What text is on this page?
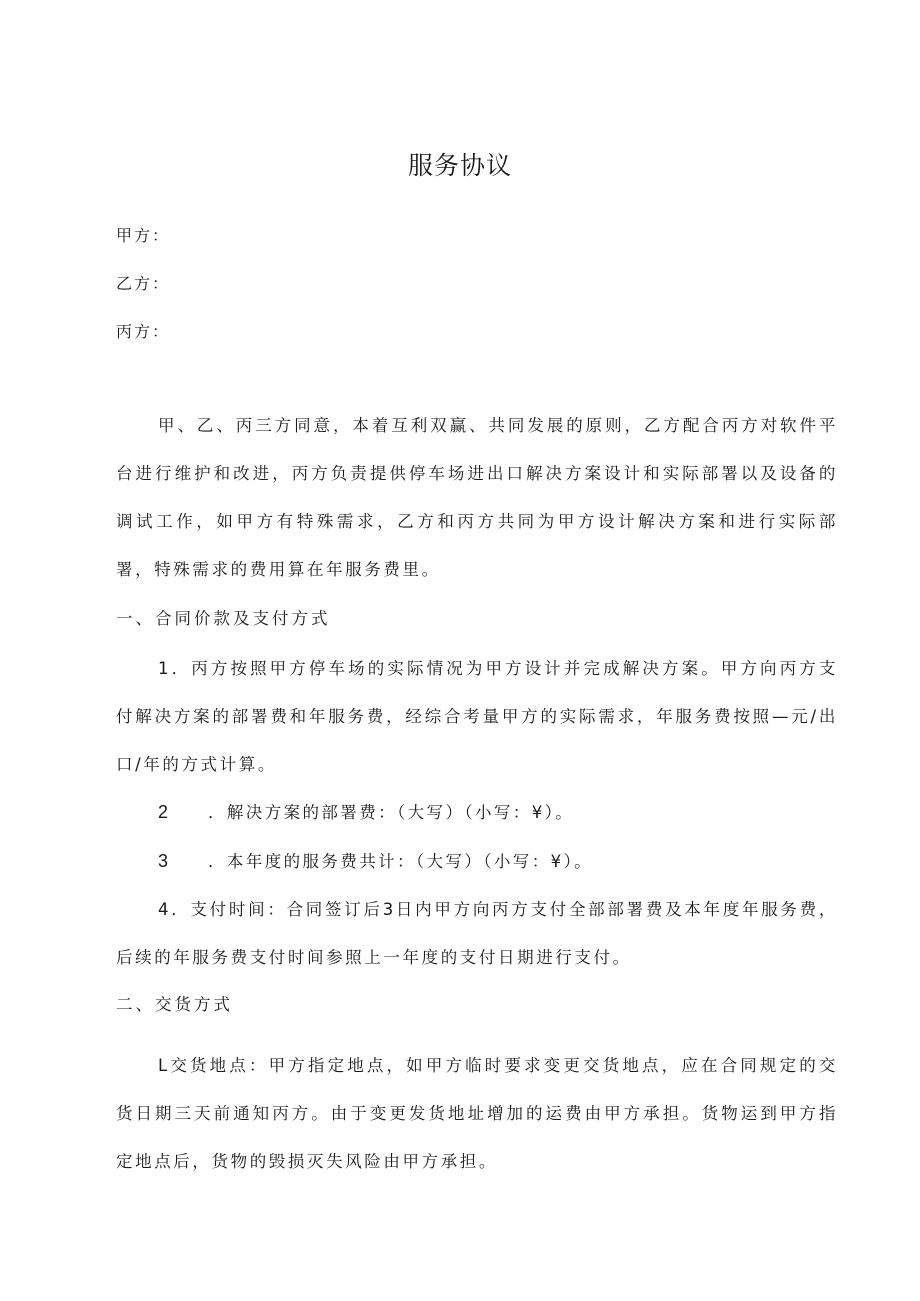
服务协议
甲方：
乙方：
丙方：
甲、乙、丙三方同意，本着互利双赢、共同发展的原则，乙方配合丙方对软件平台进行维护和改进，丙方负责提供停车场进出口解决方案设计和实际部署以及设备的调试工作，如甲方有特殊需求，乙方和丙方共同为甲方设计解决方案和进行实际部署，特殊需求的费用算在年服务费里。
一、合同价款及支付方式
1．丙方按照甲方停车场的实际情况为甲方设计并完成解决方案。甲方向丙方支付解决方案的部署费和年服务费，经综合考量甲方的实际需求，年服务费按照—元/出口/年的方式计算。
2 ．解决方案的部署费：（大写）（小写：¥）。
3 ．本年度的服务费共计：（大写）（小写：¥）。
4．支付时间：合同签订后3日内甲方向丙方支付全部部署费及本年度年服务费，后续的年服务费支付时间参照上一年度的支付日期进行支付。
二、交货方式
L交货地点：甲方指定地点，如甲方临时要求变更交货地点，应在合同规定的交货日期三天前通知丙方。由于变更发货地址增加的运费由甲方承担。货物运到甲方指定地点后，货物的毁损灭失风险由甲方承担。
